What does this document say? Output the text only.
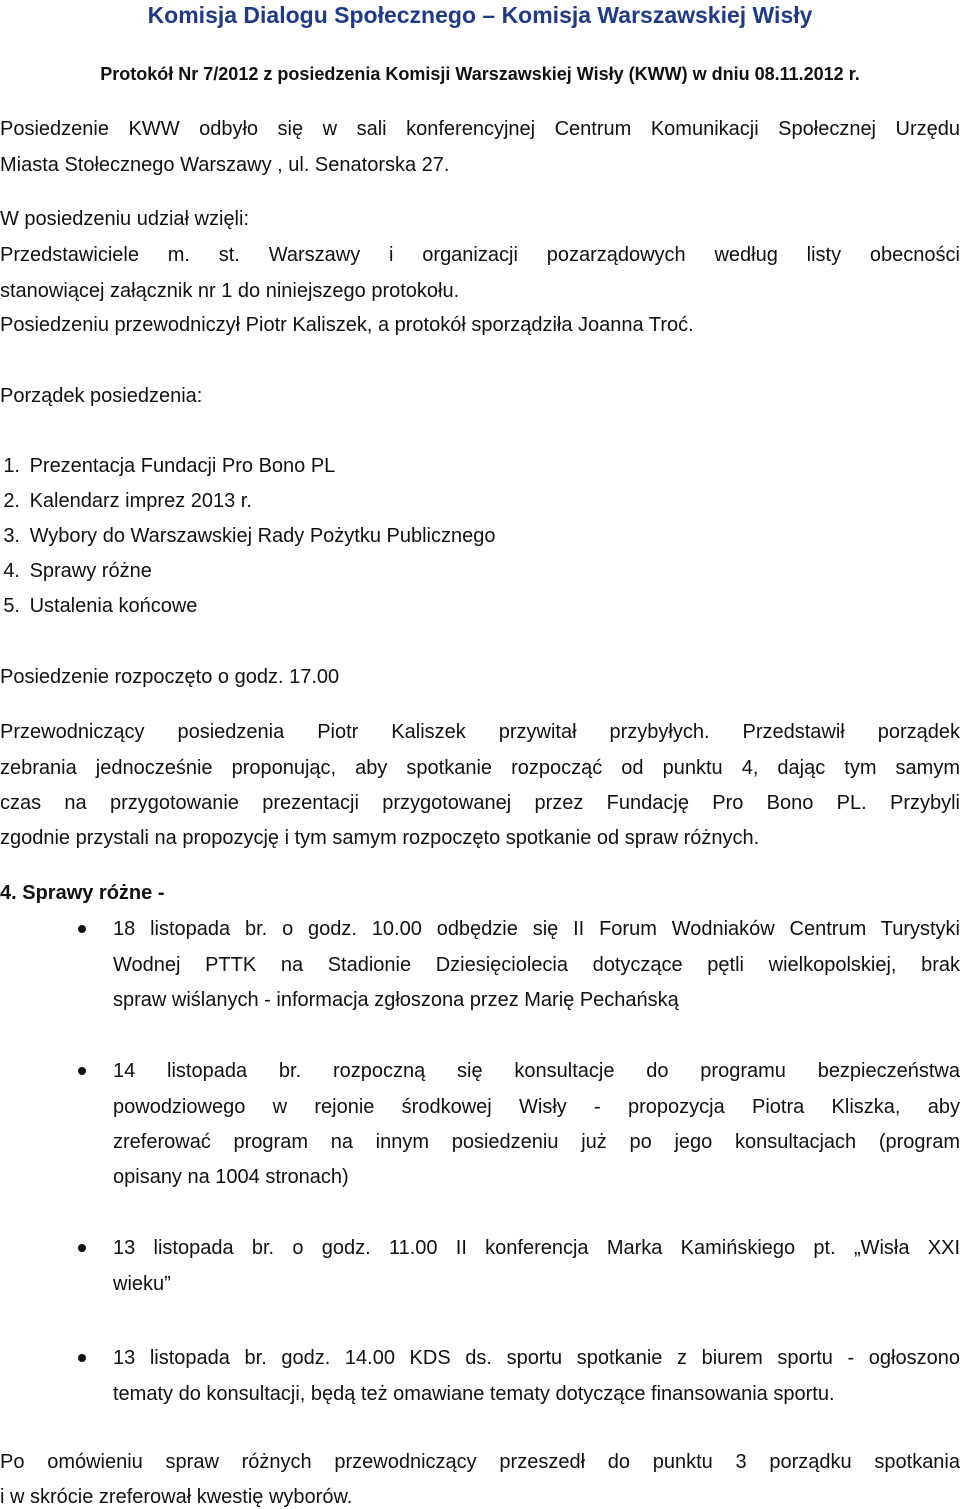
Komisja Dialogu Społecznego – Komisja Warszawskiej Wisły
Protokół Nr 7/2012 z posiedzenia Komisji Warszawskiej Wisły (KWW) w dniu 08.11.2012 r.
Posiedzenie KWW odbyło się w sali konferencyjnej Centrum Komunikacji Społecznej Urzędu
Miasta Stołecznego Warszawy , ul. Senatorska 27.
W posiedzeniu udział wzięli:
Przedstawiciele m. st. Warszawy i organizacji pozarządowych według listy obecności
stanowiącej załącznik nr 1 do niniejszego protokołu.
Posiedzeniu przewodniczył Piotr Kaliszek, a protokół sporządziła Joanna Troć.
Porządek posiedzenia:
1. Prezentacja Fundacji Pro Bono PL
2. Kalendarz imprez 2013 r.
3. Wybory do Warszawskiej Rady Pożytku Publicznego
4. Sprawy różne
5. Ustalenia końcowe
Posiedzenie rozpoczęto o godz. 17.00
Przewodniczący posiedzenia Piotr Kaliszek przywitał przybyłych. Przedstawił porządek
zebrania jednocześnie proponując, aby spotkanie rozpocząć od punktu 4, dając tym samym
czas na przygotowanie prezentacji przygotowanej przez Fundację Pro Bono PL. Przybyli
zgodnie przystali na propozycję i tym samym rozpoczęto spotkanie od spraw różnych.
4. Sprawy różne -
18 listopada br. o godz. 10.00 odbędzie się II Forum Wodniaków Centrum Turystyki
Wodnej PTTK na Stadionie Dziesięciolecia dotyczące pętli wielkopolskiej, brak
spraw wiślanych - informacja zgłoszona przez Marię Pechańską
14 listopada br. rozpoczną się konsultacje do programu bezpieczeństwa
powodziowego w rejonie środkowej Wisły - propozycja Piotra Kliszka, aby
zreferować program na innym posiedzeniu już po jego konsultacjach (program
opisany na 1004 stronach)
13 listopada br. o godz. 11.00 II konferencja Marka Kamińskiego pt. „Wisła XXI
wieku”
13 listopada br. godz. 14.00 KDS ds. sportu spotkanie z biurem sportu - ogłoszono
tematy do konsultacji, będą też omawiane tematy dotyczące finansowania sportu.
Po omówieniu spraw różnych przewodniczący przeszedł do punktu 3 porządku spotkania
i w skrócie zreferował kwestię wyborów.
